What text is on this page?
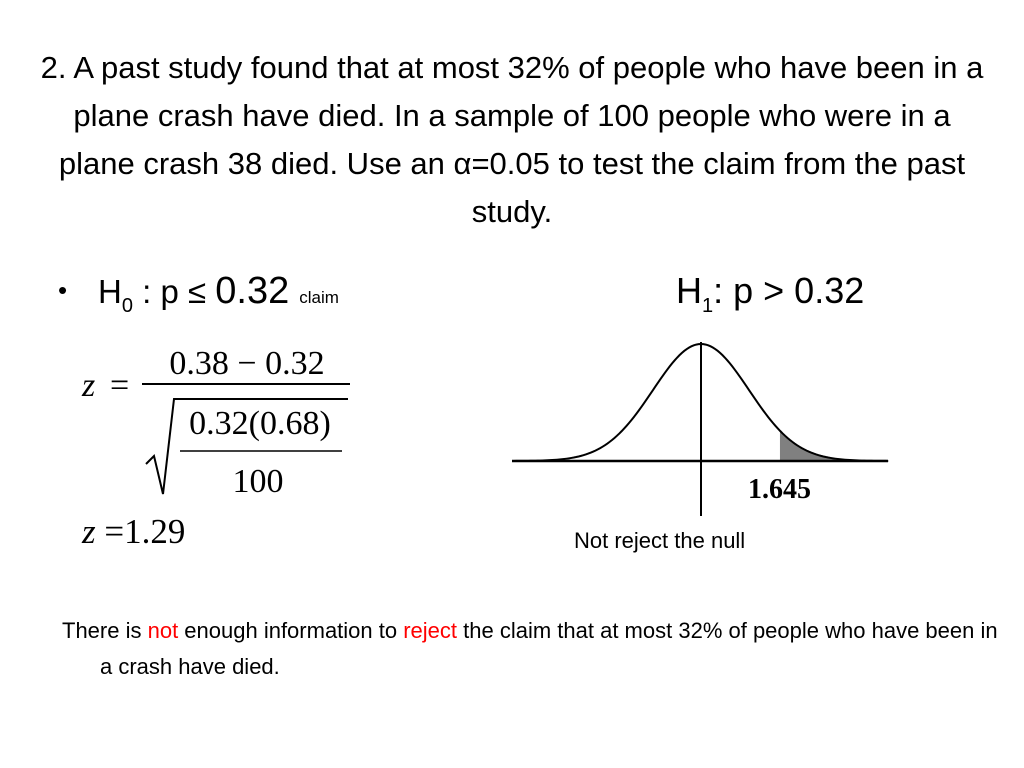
2. A past study found that at most 32% of people who have been in a plane crash have died. In a sample of 100 people who were in a plane crash 38 died. Use an α=0.05 to test the claim from the past study.
• $H_0$ : p ≤ 0.32 claim	$H_1$: p > 0.32
z =
0.38 − 0.32
0.32(0.68)
100
z =1.29
1.645
Not reject the null
There is not enough information to reject the claim that at most 32% of people who have been in a crash have died.
